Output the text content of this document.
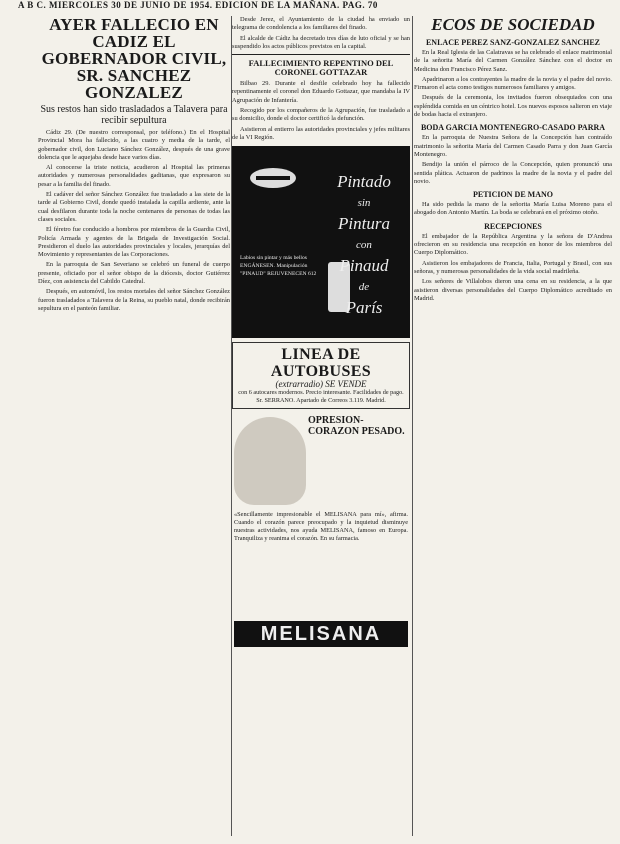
A B C. MIERCOLES 30 DE JUNIO DE 1954. EDICION DE LA MAÑANA. PAG. 70
AYER FALLECIO EN CADIZ EL GOBERNADOR CIVIL, SR. SANCHEZ GONZALEZ
Sus restos han sido trasladados a Talavera para recibir sepultura

Cádiz 29. (De nuestro corresponsal, por teléfono.) En el Hospital Provincial Mora ha fallecido, a las cuatro y media de la tarde, el gobernador civil, don Luciano Sánchez González, después de una grave dolencia que le aquejaba desde hace varios días.

Al conocerse la triste noticia, acudieron al Hospital las primeras autoridades y numerosas personalidades gaditanas, que expresaron su pesar a la familia del finado.

El cadáver del señor Sánchez González fue trasladado a las siete de la tarde al Gobierno Civil, donde quedó instalada la capilla ardiente, ante la cual desfilaron durante toda la noche centenares de personas de todas las clases sociales.

El féretro fue conducido a hombros por miembros de la Guardia Civil, Policía Armada y agentes de la Brigada de Investigación Social. Presidieron el duelo las autoridades provinciales y locales, jerarquías del Movimiento y representantes de las Corporaciones.

En la parroquia de San Severiano se celebró un funeral de cuerpo presente, oficiado por el señor obispo de la diócesis, doctor Gutiérrez Díez, con asistencia del Cabildo Catedral.

Después, en automóvil, los restos mortales del señor Sánchez González fueron trasladados a Talavera de la Reina, su pueblo natal, donde recibirán sepultura en el panteón familiar.

Desde Jerez, el Ayuntamiento de la ciudad ha enviado un telegrama de condolencia a los familiares del finado.

El alcalde de Cádiz ha decretado tres días de luto oficial y se han suspendido los actos públicos previstos en la capital.

FALLECIMIENTO REPENTINO DEL CORONEL GOTTAZAR

Bilbao 29. Durante el desfile celebrado hoy ha fallecido repentinamente el coronel don Eduardo Gottazar, que mandaba la IV Agrupación de Infantería.

Recogido por los compañeros de la Agrupación, fue trasladado a su domicilio, donde el doctor certificó la defunción.

Asistieron al entierro las autoridades provinciales y jefes militares de la VI Región.

Pintado
sin
Pintura
con
Pinaud
de
París
Labios sin pintar y más bellos ENGÁNESEN. Manipulación "PINAUD" REJUVENECEN 612
LINEA DE AUTOBUSES
(extrarradio) SE VENDE
con 6 autocares modernos. Precio interesante. Facilidades de pago. Sr. SERRANO. Apartado de Correos 3.119. Madrid.
OPRESION-CORAZON PESADO.
«Sencillamente impresionable el MELISANA para mí», afirma. Cuando el corazón parece preocupado y la inquietud disminuye nuestras actividades, nos ayuda MELISANA, famoso en Europa. Tranquiliza y reanima el corazón. En su farmacia.
MELISANA
ECOS DE SOCIEDAD
ENLACE PEREZ SANZ-GONZALEZ SANCHEZ

En la Real Iglesia de las Calatravas se ha celebrado el enlace matrimonial de la señorita María del Carmen González Sánchez con el doctor en Medicina don Francisco Pérez Sanz.

Apadrinaron a los contrayentes la madre de la novia y el padre del novio. Firmaron el acta como testigos numerosos familiares y amigos.

Después de la ceremonia, los invitados fueron obsequiados con una espléndida comida en un céntrico hotel. Los nuevos esposos salieron en viaje de bodas hacia el extranjero.

BODA GARCIA MONTENEGRO-CASADO PARRA

En la parroquia de Nuestra Señora de la Concepción han contraído matrimonio la señorita María del Carmen Casado Parra y don Juan García Montenegro.

Bendijo la unión el párroco de la Concepción, quien pronunció una sentida plática. Actuaron de padrinos la madre de la novia y el padre del novio.

PETICION DE MANO

Ha sido pedida la mano de la señorita María Luisa Moreno para el abogado don Antonio Martín. La boda se celebrará en el próximo otoño.

RECEPCIONES

El embajador de la República Argentina y la señora de D'Andrea ofrecieron en su residencia una recepción en honor de los miembros del Cuerpo Diplomático.

Asistieron los embajadores de Francia, Italia, Portugal y Brasil, con sus señoras, y numerosas personalidades de la vida social madrileña.

Los señores de Villalobos dieron una cena en su residencia, a la que asistieron diversas personalidades del Cuerpo Diplomático acreditado en Madrid.
